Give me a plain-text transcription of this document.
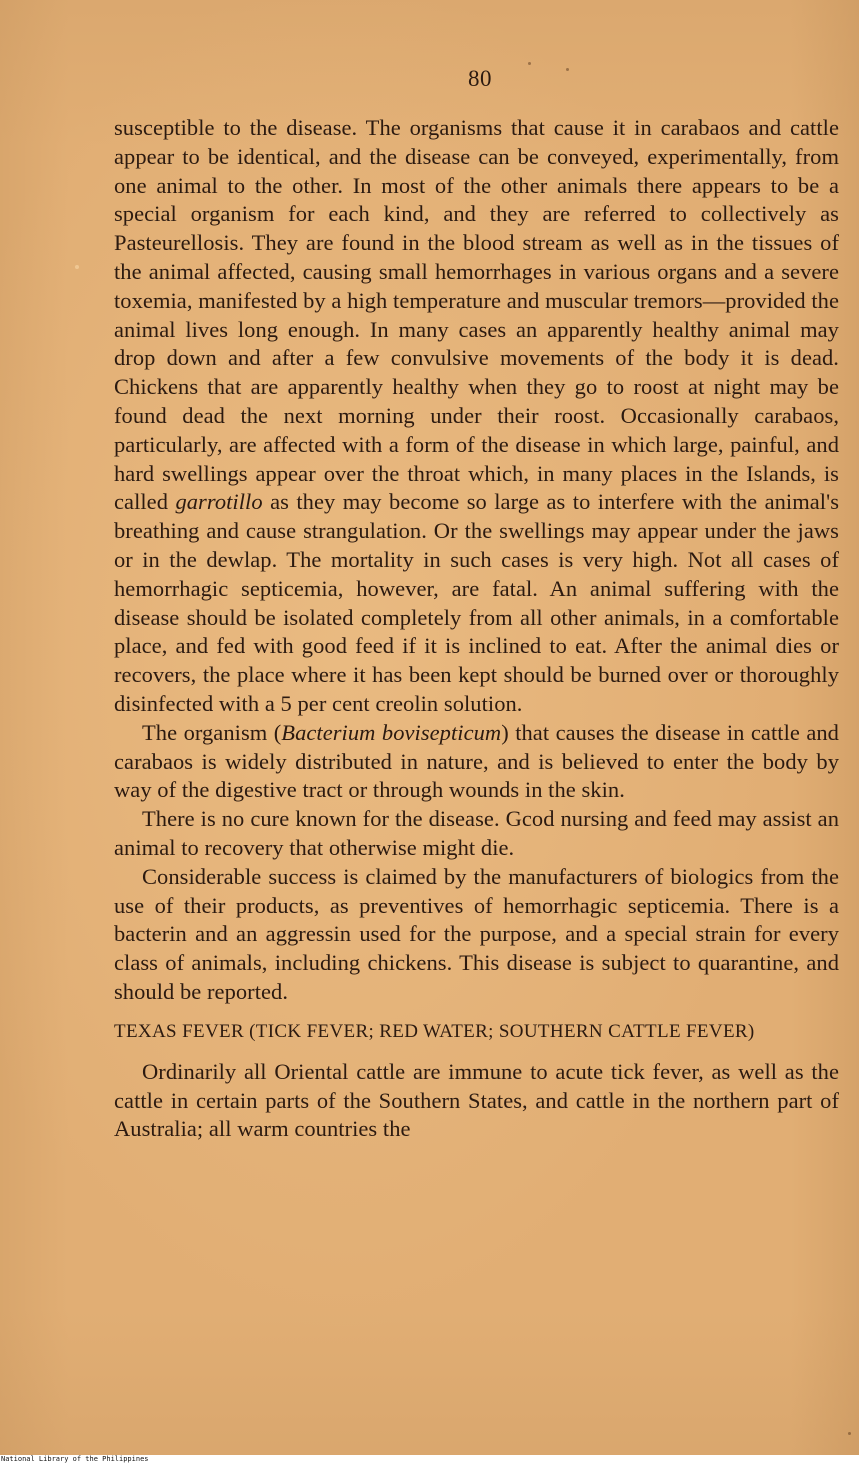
80

susceptible to the disease. The organisms that cause it in carabaos and cattle appear to be identical, and the disease can be conveyed, experimentally, from one animal to the other. In most of the other animals there appears to be a special organism for each kind, and they are referred to collectively as Pasteurellosis. They are found in the blood stream as well as in the tissues of the animal affected, causing small hemorrhages in various organs and a severe toxemia, manifested by a high temperature and muscular tremors—provided the animal lives long enough. In many cases an apparently healthy animal may drop down and after a few convulsive movements of the body it is dead. Chickens that are apparently healthy when they go to roost at night may be found dead the next morning under their roost. Occasionally carabaos, particularly, are affected with a form of the disease in which large, painful, and hard swellings appear over the throat which, in many places in the Islands, is called garrotillo as they may become so large as to interfere with the animal's breathing and cause strangulation. Or the swellings may appear under the jaws or in the dewlap. The mortality in such cases is very high. Not all cases of hemorrhagic septicemia, however, are fatal. An animal suffering with the disease should be isolated completely from all other animals, in a comfortable place, and fed with good feed if it is inclined to eat. After the animal dies or recovers, the place where it has been kept should be burned over or thoroughly disinfected with a 5 per cent creolin solution.

The organism (Bacterium bovisepticum) that causes the disease in cattle and carabaos is widely distributed in nature, and is believed to enter the body by way of the digestive tract or through wounds in the skin.

There is no cure known for the disease. Gcod nursing and feed may assist an animal to recovery that otherwise might die.

Considerable success is claimed by the manufacturers of biologics from the use of their products, as preventives of hemorrhagic septicemia. There is a bacterin and an aggressin used for the purpose, and a special strain for every class of animals, including chickens. This disease is subject to quarantine, and should be reported.

TEXAS FEVER (TICK FEVER; RED WATER; SOUTHERN CATTLE FEVER)

Ordinarily all Oriental cattle are immune to acute tick fever, as well as the cattle in certain parts of the Southern States, and cattle in the northern part of Australia; all warm countries the

National Library of the Philippines
